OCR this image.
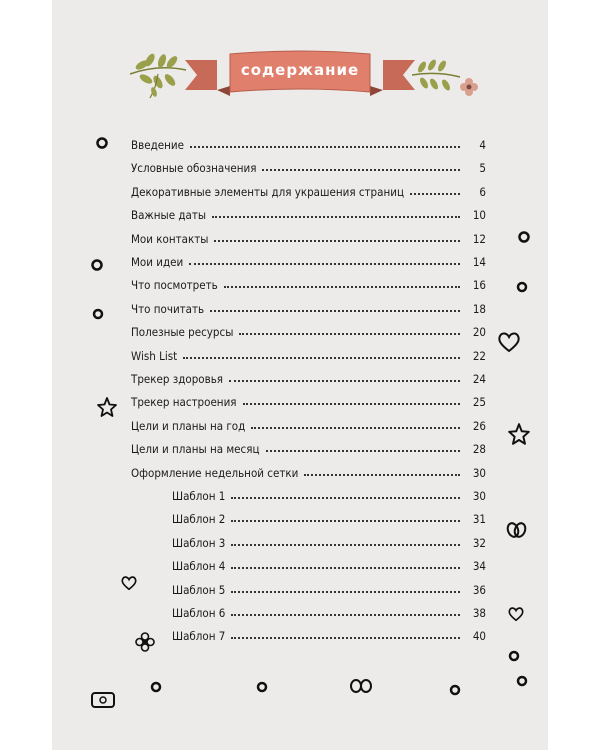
содержание
Введение	4
Условные обозначения	5
Декоративные элементы для украшения страниц	6
Важные даты	10
Мои контакты	12
Мои идеи	14
Что посмотреть	16
Что почитать	18
Полезные ресурсы	20
Wish List	22
Трекер здоровья	24
Трекер настроения	25
Цели и планы на год	26
Цели и планы на месяц	28
Оформление недельной сетки	30
Шаблон 1	30
Шаблон 2	31
Шаблон 3	32
Шаблон 4	34
Шаблон 5	36
Шаблон 6	38
Шаблон 7	40
